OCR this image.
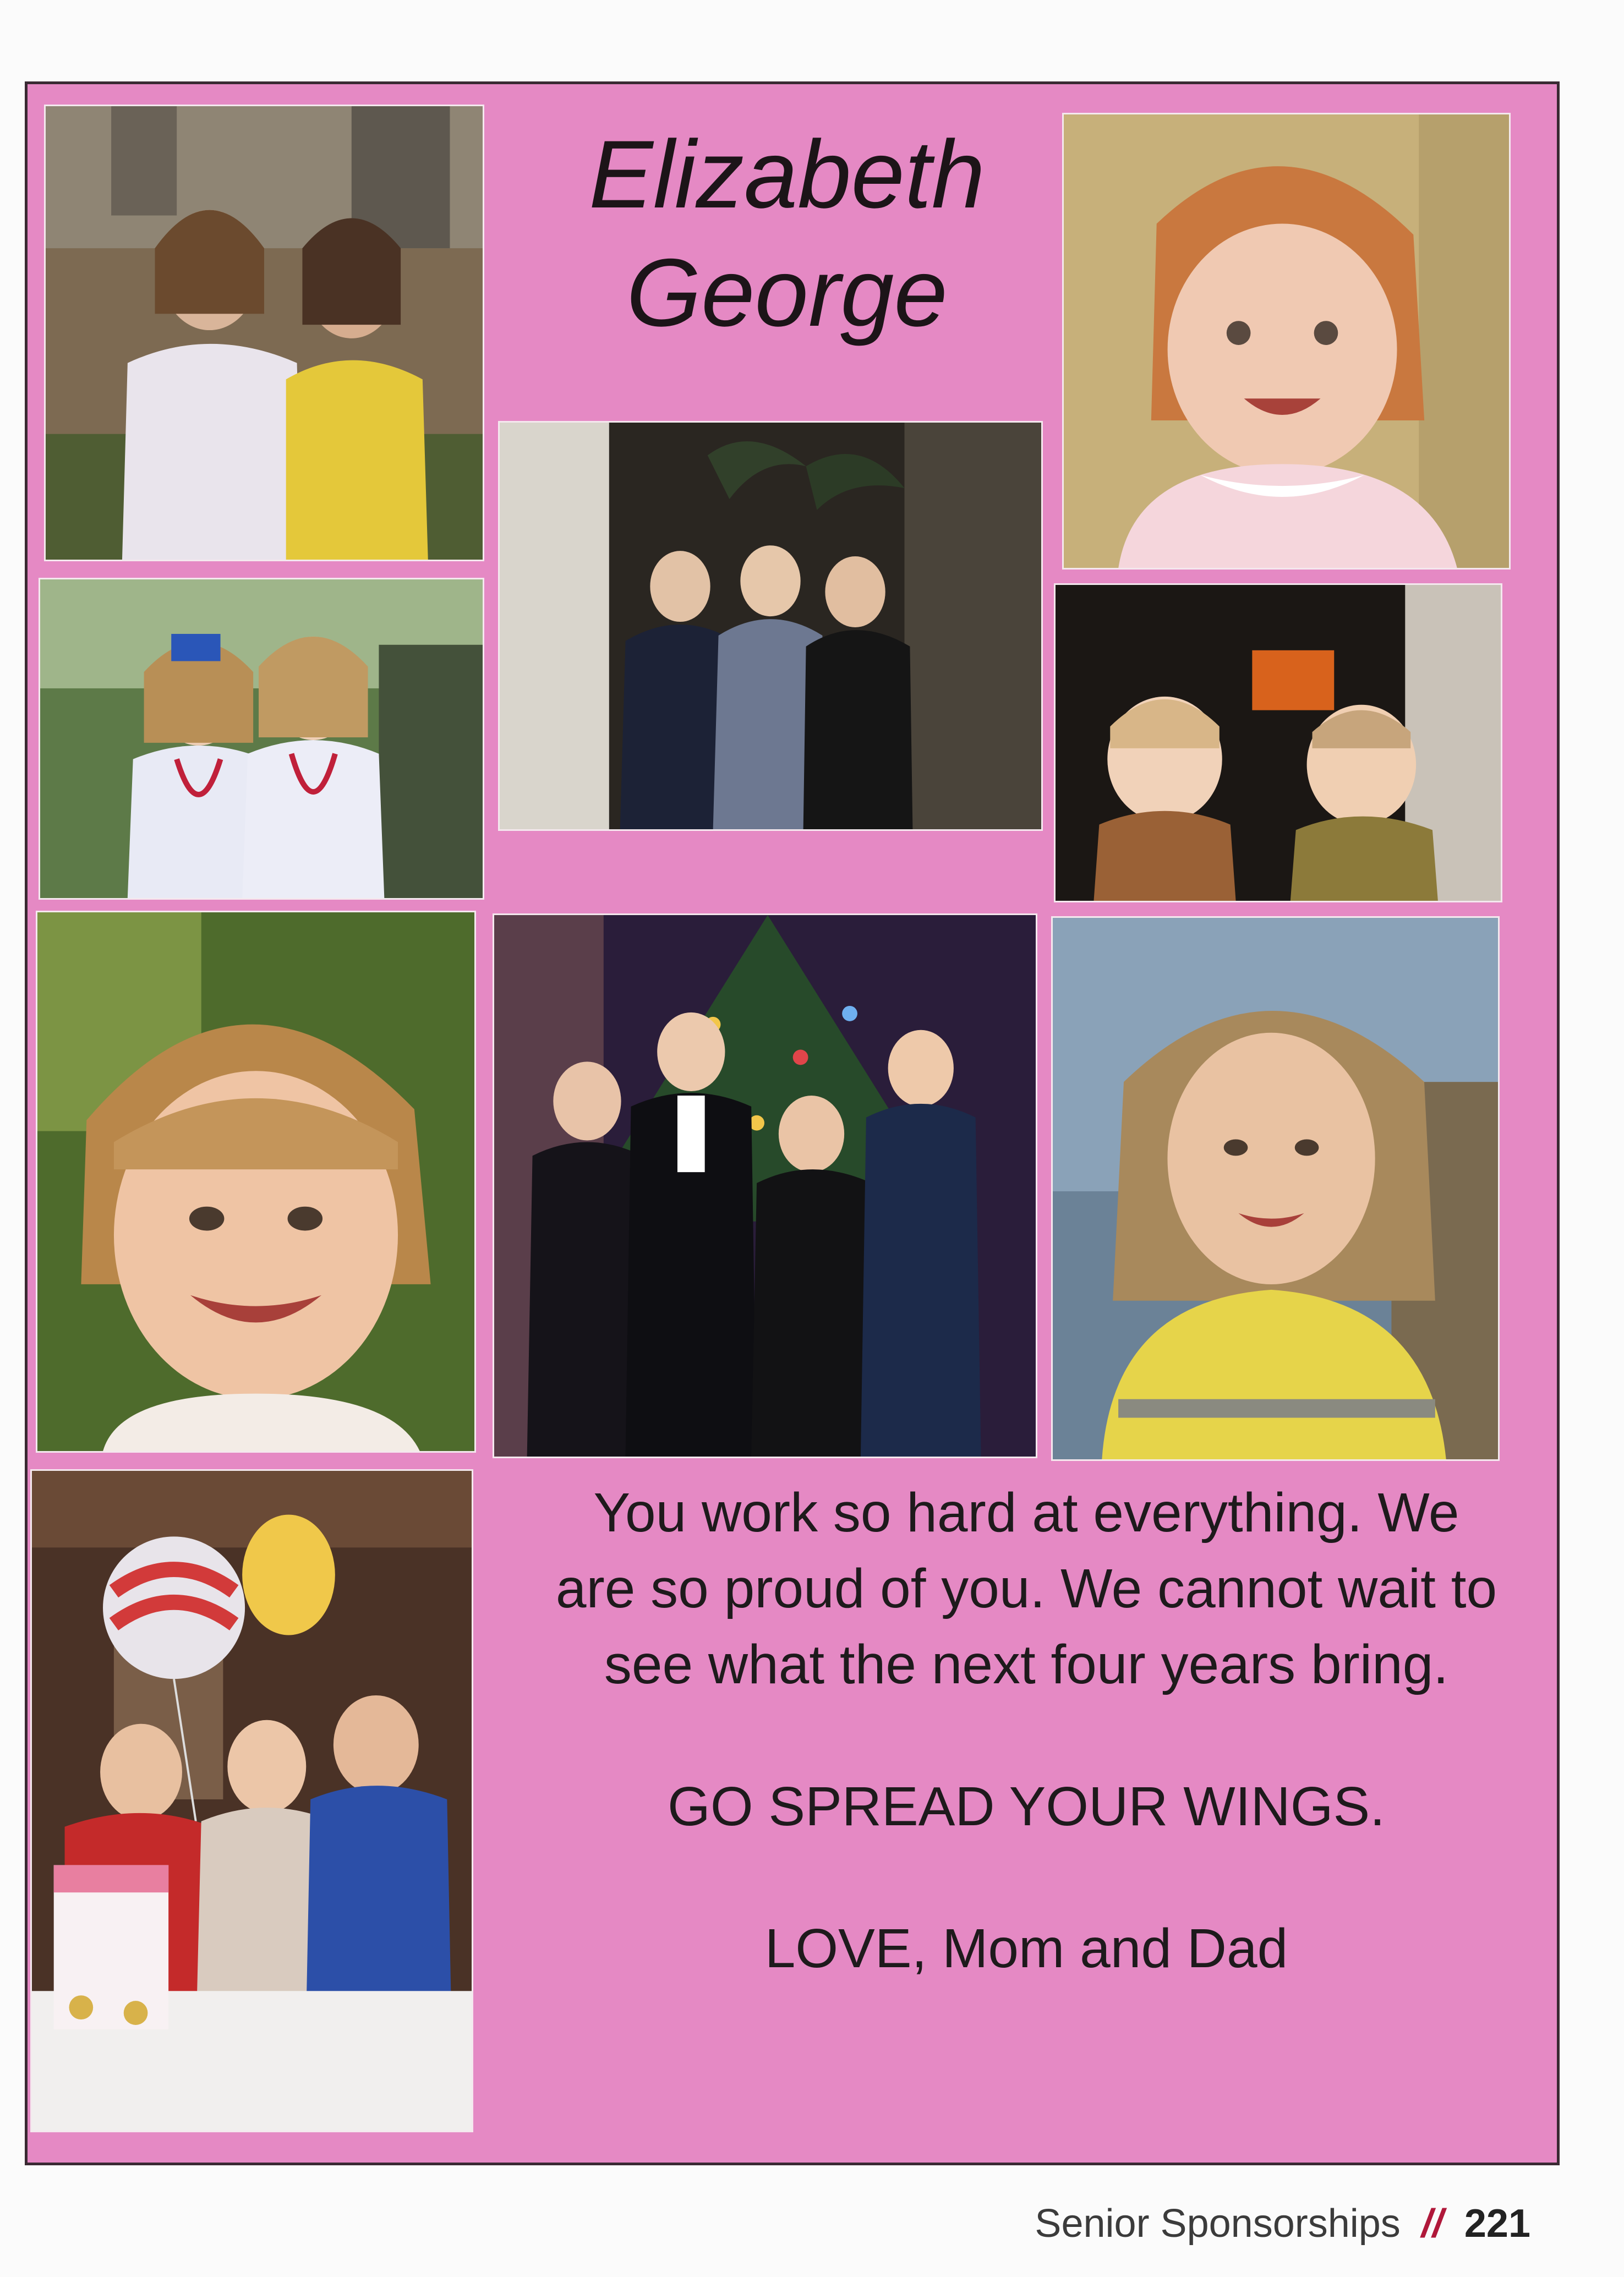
Elizabeth
George
You work so hard at everything. We
are so proud of you. We cannot wait to
see what the next four years bring.
GO SPREAD YOUR WINGS.
LOVE, Mom and Dad
Senior Sponsorships // 221
